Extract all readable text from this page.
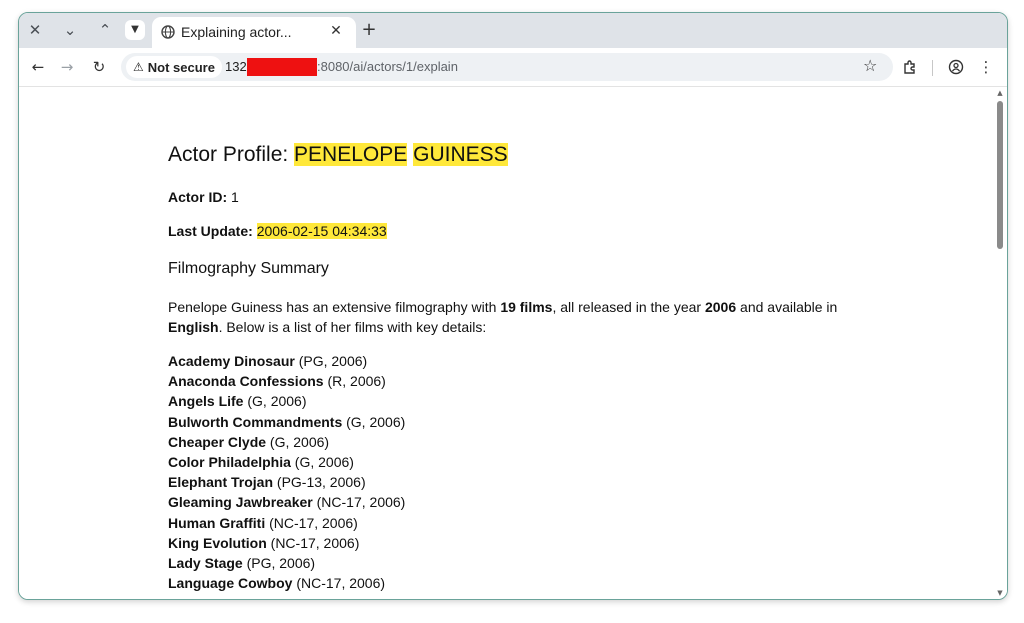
✕	⌄	⌃	▼	Explaining actor...	✕ +
←	→	↻	⚠ Not secure 132	:8080/ai/actors/1/explain	☆	⋮
Actor Profile: PENELOPE GUINESS
Actor ID: 1
Last Update: 2006-02-15 04:34:33
Filmography Summary
Penelope Guiness has an extensive filmography with 19 films, all released in the year 2006 and available in
English. Below is a list of her films with key details:
Academy Dinosaur (PG, 2006)
Anaconda Confessions (R, 2006)
Angels Life (G, 2006)
Bulworth Commandments (G, 2006)
Cheaper Clyde (G, 2006)
Color Philadelphia (G, 2006)
Elephant Trojan (PG-13, 2006)
Gleaming Jawbreaker (NC-17, 2006)
Human Graffiti (NC-17, 2006)
King Evolution (NC-17, 2006)
Lady Stage (PG, 2006)
Language Cowboy (NC-17, 2006)
▲
▼
